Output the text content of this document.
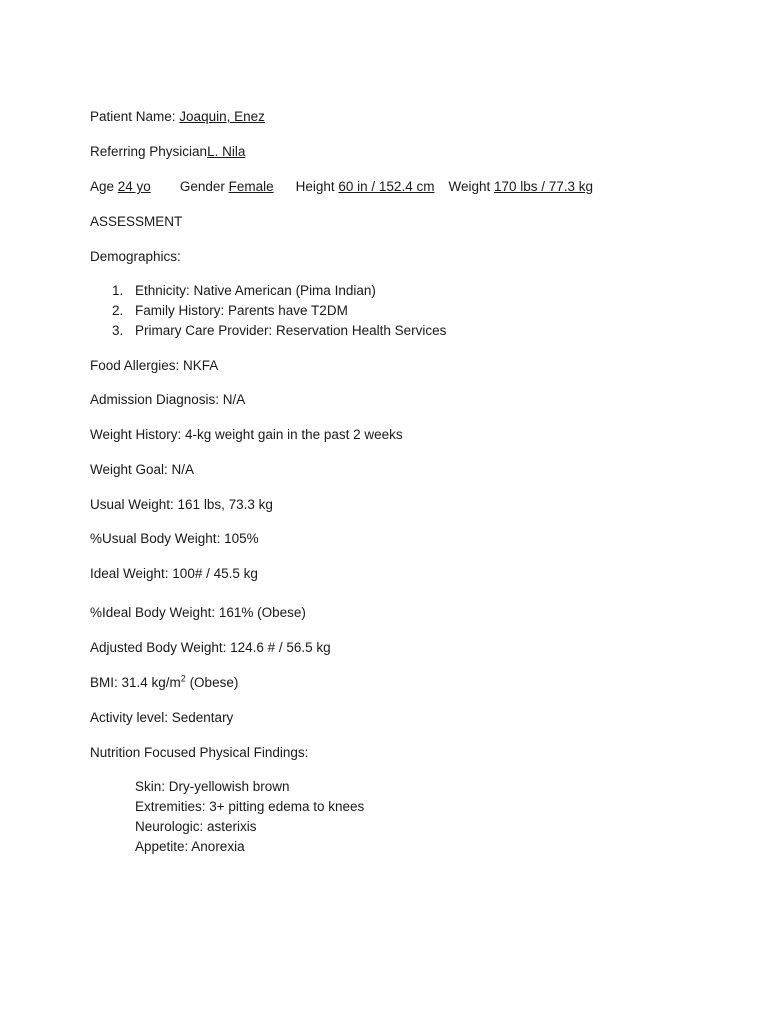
Patient Name: Joaquin, Enez
Referring PhysicianL. Nila
Age 24 yo Gender Female Height 60 in / 152.4 cm Weight 170 lbs / 77.3 kg
ASSESSMENT
Demographics:
1. Ethnicity: Native American (Pima Indian)
2. Family History: Parents have T2DM
3. Primary Care Provider: Reservation Health Services
Food Allergies: NKFA
Admission Diagnosis: N/A
Weight History: 4-kg weight gain in the past 2 weeks
Weight Goal: N/A
Usual Weight: 161 lbs, 73.3 kg
%Usual Body Weight: 105%
Ideal Weight: 100# / 45.5 kg
%Ideal Body Weight: 161% (Obese)
Adjusted Body Weight: 124.6 # / 56.5 kg
BMI: 31.4 $kg/m^2$ (Obese)
Activity level: Sedentary
Nutrition Focused Physical Findings:
Skin: Dry-yellowish brown
Extremities: 3+ pitting edema to knees
Neurologic: asterixis
Appetite: Anorexia
